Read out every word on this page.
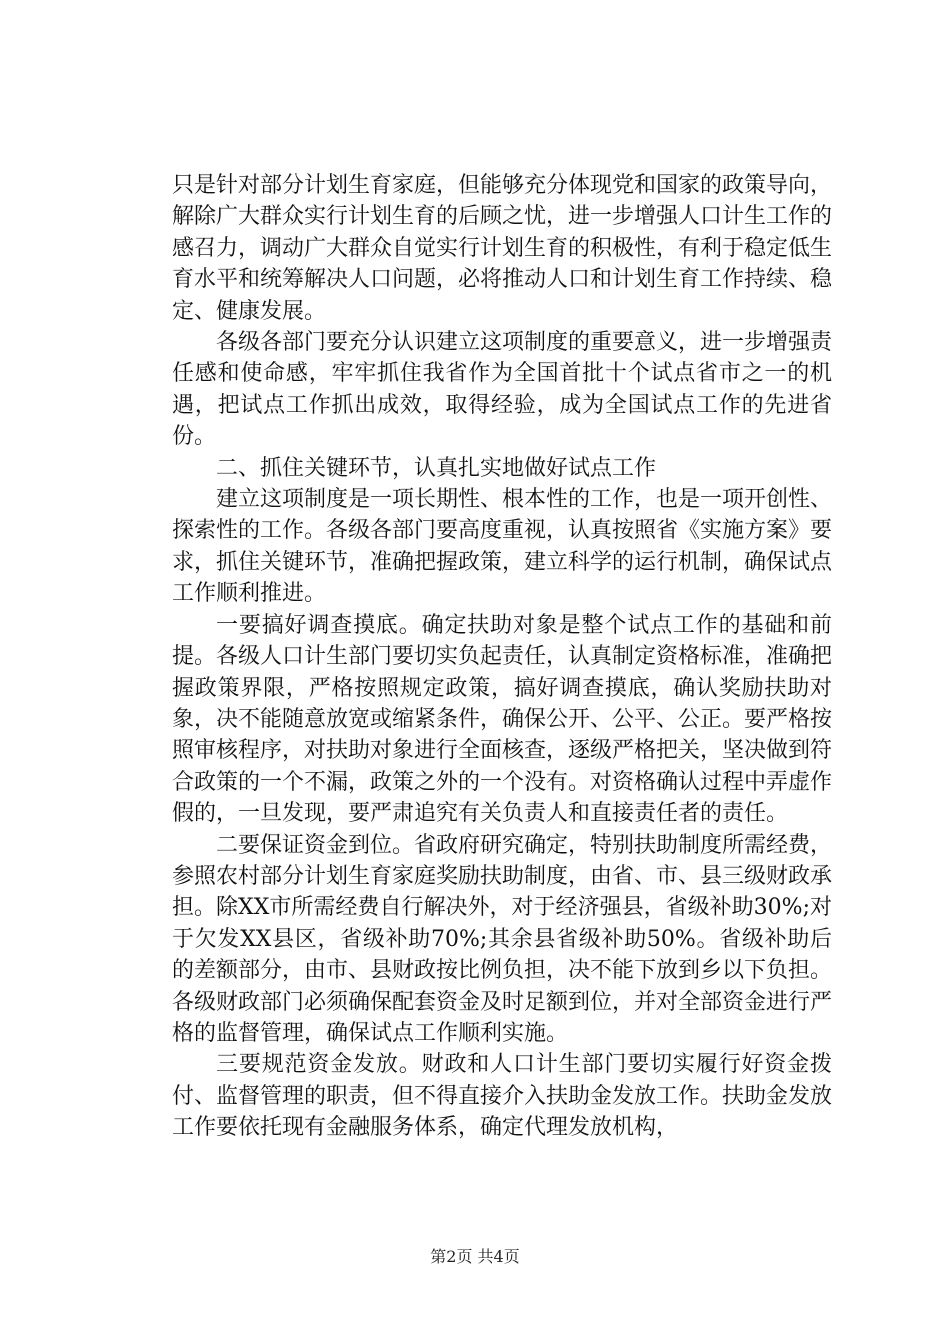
只是针对部分计划生育家庭，但能够充分体现党和国家的政策导向，解除广大群众实行计划生育的后顾之忧，进一步增强人口计生工作的感召力，调动广大群众自觉实行计划生育的积极性，有利于稳定低生育水平和统筹解决人口问题，必将推动人口和计划生育工作持续、稳定、健康发展。

各级各部门要充分认识建立这项制度的重要意义，进一步增强责任感和使命感，牢牢抓住我省作为全国首批十个试点省市之一的机遇，把试点工作抓出成效，取得经验，成为全国试点工作的先进省份。

二、抓住关键环节，认真扎实地做好试点工作

建立这项制度是一项长期性、根本性的工作，也是一项开创性、探索性的工作。各级各部门要高度重视，认真按照省《实施方案》要求，抓住关键环节，准确把握政策，建立科学的运行机制，确保试点工作顺利推进。

一要搞好调查摸底。确定扶助对象是整个试点工作的基础和前提。各级人口计生部门要切实负起责任，认真制定资格标准，准确把握政策界限，严格按照规定政策，搞好调查摸底，确认奖励扶助对象，决不能随意放宽或缩紧条件，确保公开、公平、公正。要严格按照审核程序，对扶助对象进行全面核查，逐级严格把关，坚决做到符合政策的一个不漏，政策之外的一个没有。对资格确认过程中弄虚作假的，一旦发现，要严肃追究有关负责人和直接责任者的责任。

二要保证资金到位。省政府研究确定，特别扶助制度所需经费，参照农村部分计划生育家庭奖励扶助制度，由省、市、县三级财政承担。除XX市所需经费自行解决外，对于经济强县，省级补助30%;对于欠发XX县区，省级补助70%;其余县省级补助50%。省级补助后的差额部分，由市、县财政按比例负担，决不能下放到乡以下负担。各级财政部门必须确保配套资金及时足额到位，并对全部资金进行严格的监督管理，确保试点工作顺利实施。

三要规范资金发放。财政和人口计生部门要切实履行好资金拨付、监督管理的职责，但不得直接介入扶助金发放工作。扶助金发放工作要依托现有金融服务体系，确定代理发放机构，

第2页 共4页
